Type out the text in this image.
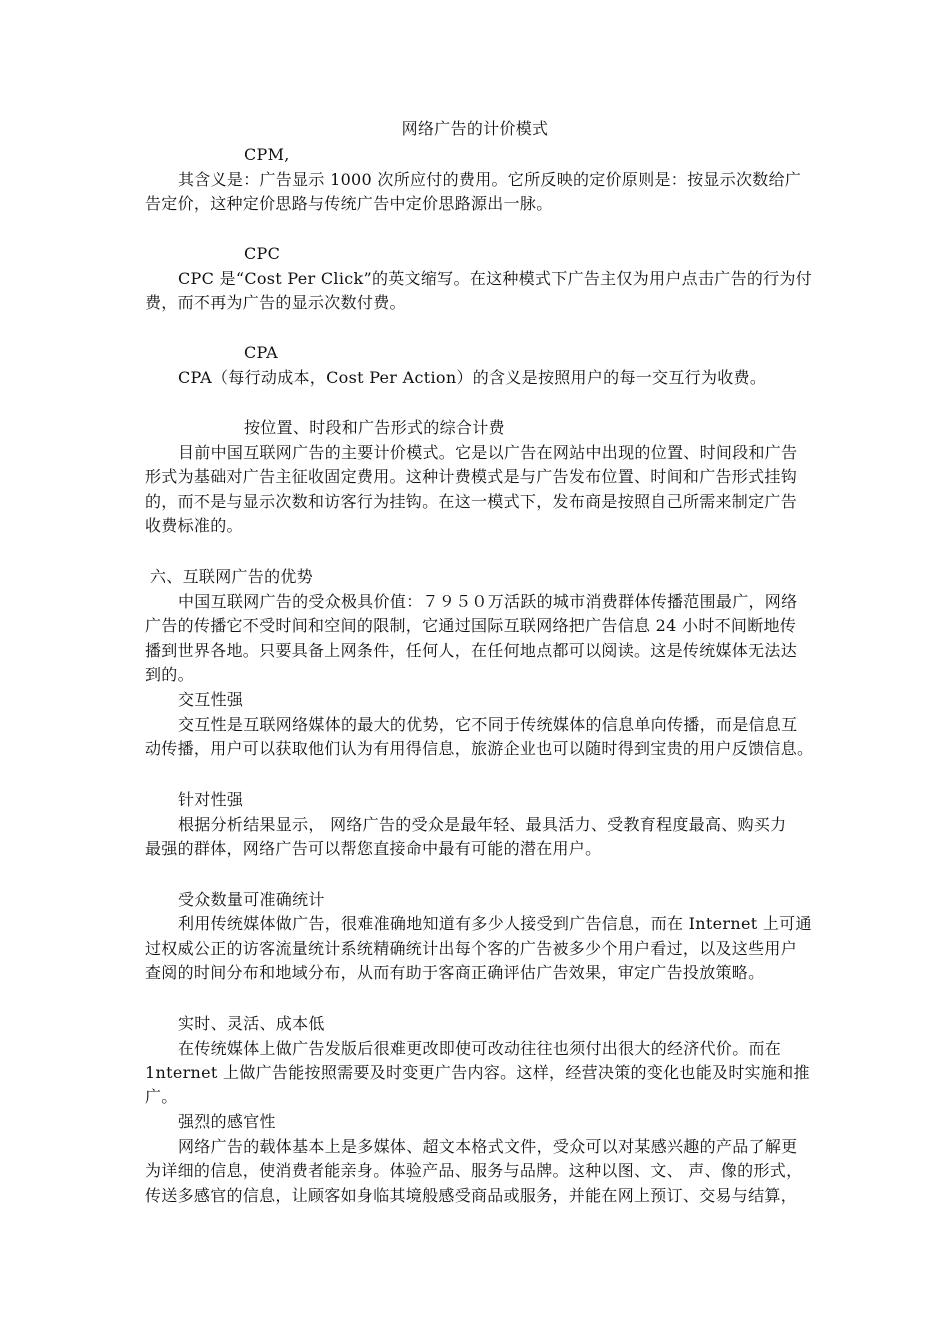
网络广告的计价模式
CPM,
其含义是：广告显示 1000 次所应付的费用。它所反映的定价原则是：按显示次数给广
告定价，这种定价思路与传统广告中定价思路源出一脉。
CPC
CPC 是“Cost Per Click”的英文缩写。在这种模式下广告主仅为用户点击广告的行为付
费，而不再为广告的显示次数付费。
CPA
CPA（每行动成本，Cost Per Action）的含义是按照用户的每一交互行为收费。
按位置、时段和广告形式的综合计费
目前中国互联网广告的主要计价模式。它是以广告在网站中出现的位置、时间段和广告
形式为基础对广告主征收固定费用。这种计费模式是与广告发布位置、时间和广告形式挂钩
的，而不是与显示次数和访客行为挂钩。在这一模式下，发布商是按照自己所需来制定广告
收费标准的。
六、互联网广告的优势
中国互联网广告的受众极具价值：７９５０万活跃的城市消费群体传播范围最广，网络
广告的传播它不受时间和空间的限制，它通过国际互联网络把广告信息 24 小时不间断地传
播到世界各地。只要具备上网条件，任何人，在任何地点都可以阅读。这是传统媒体无法达
到的。
交互性强
交互性是互联网络媒体的最大的优势，它不同于传统媒体的信息单向传播，而是信息互
动传播，用户可以获取他们认为有用得信息，旅游企业也可以随时得到宝贵的用户反馈信息。
针对性强
根据分析结果显示， 网络广告的受众是最年轻、最具活力、受教育程度最高、购买力
最强的群体，网络广告可以帮您直接命中最有可能的潜在用户。
受众数量可准确统计
利用传统媒体做广告，很难准确地知道有多少人接受到广告信息，而在 Internet 上可通
过权威公正的访客流量统计系统精确统计出每个客的广告被多少个用户看过，以及这些用户
查阅的时间分布和地域分布，从而有助于客商正确评估广告效果，审定广告投放策略。
实时、灵活、成本低
在传统媒体上做广告发版后很难更改即使可改动往往也须付出很大的经济代价。而在
1nternet 上做广告能按照需要及时变更广告内容。这样，经营决策的变化也能及时实施和推
广。
强烈的感官性
网络广告的载体基本上是多媒体、超文本格式文件，受众可以对某感兴趣的产品了解更
为详细的信息，使消费者能亲身。体验产品、服务与品牌。这种以图、文、 声、像的形式，
传送多感官的信息，让顾客如身临其境般感受商品或服务，并能在网上预订、交易与结算，
